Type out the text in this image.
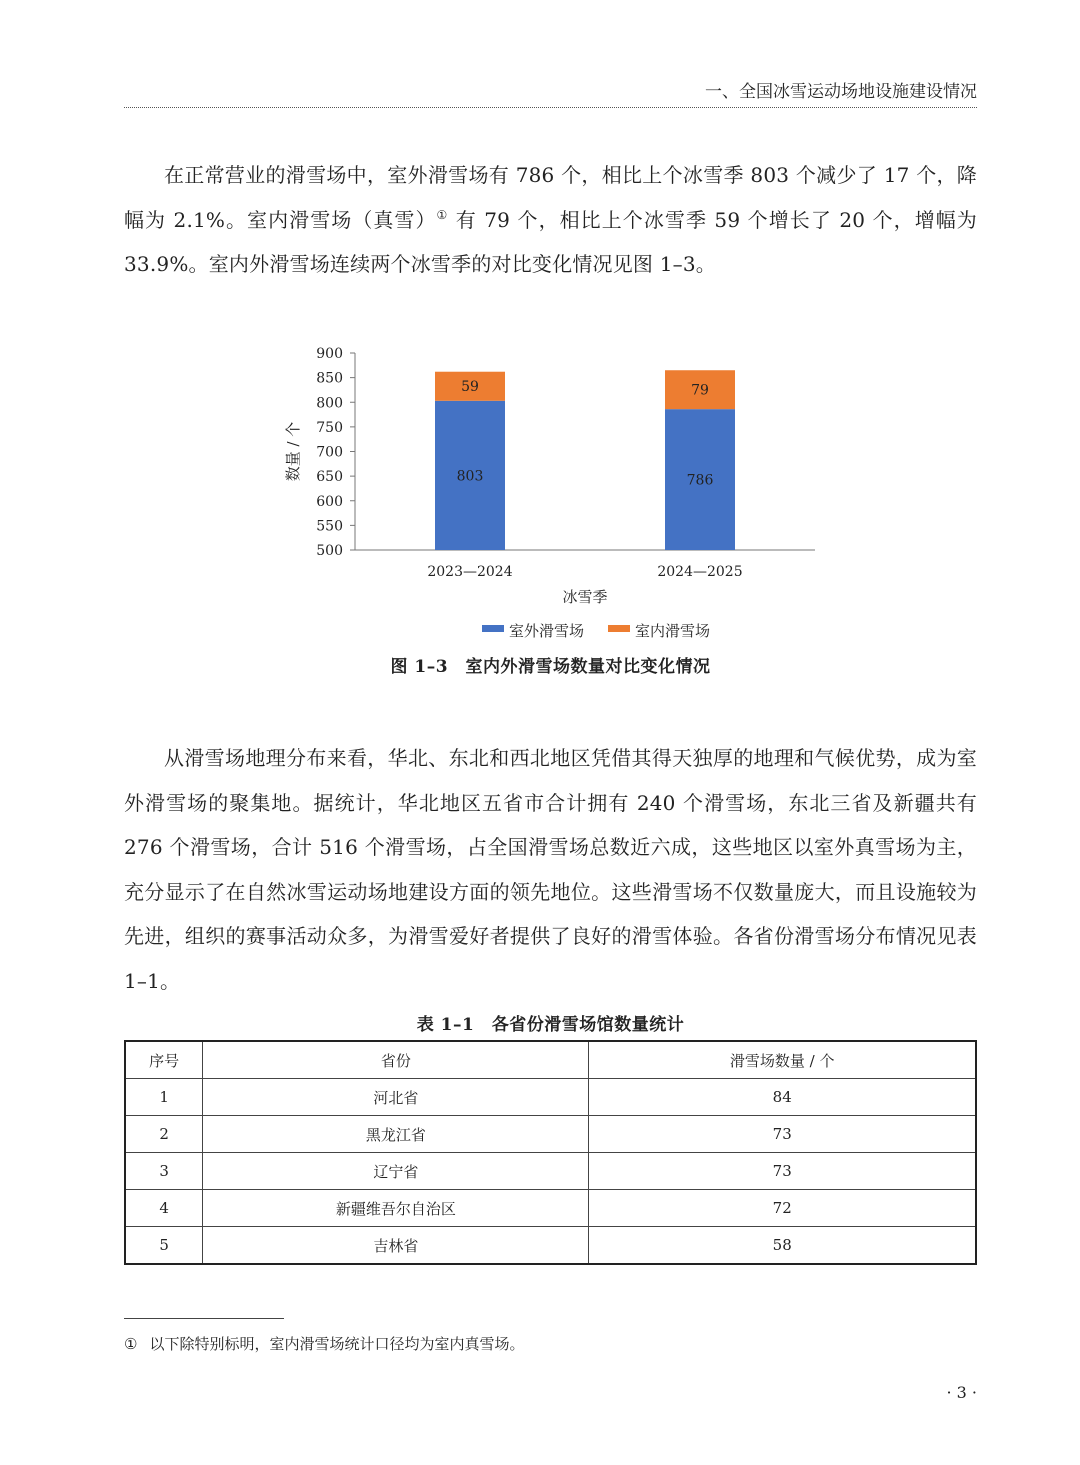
一、全国冰雪运动场地设施建设情况

在正常营业的滑雪场中，室外滑雪场有 786 个，相比上个冰雪季 803 个减少了 17 个，降幅为 2.1%。室内滑雪场（真雪）① 有 79 个，相比上个冰雪季 59 个增长了 20 个，增幅为 33.9%。室内外滑雪场连续两个冰雪季的对比变化情况见图 1–3。

500
550
600
650
700
750
800
850
900
803
59
2023—2024
786
79
2024—2025
数量 / 个
冰雪季
室外滑雪场	室内滑雪场
图 1–3　室内外滑雪场数量对比变化情况

从滑雪场地理分布来看，华北、东北和西北地区凭借其得天独厚的地理和气候优势，成为室外滑雪场的聚集地。据统计，华北地区五省市合计拥有 240 个滑雪场，东北三省及新疆共有 276 个滑雪场，合计 516 个滑雪场，占全国滑雪场总数近六成，这些地区以室外真雪场为主，充分显示了在自然冰雪运动场地建设方面的领先地位。这些滑雪场不仅数量庞大，而且设施较为先进，组织的赛事活动众多，为滑雪爱好者提供了良好的滑雪体验。各省份滑雪场分布情况见表 1–1。

表 1–1　各省份滑雪场馆数量统计
序号	省份	滑雪场数量 / 个
1	河北省	84
2	黑龙江省	73
3	辽宁省	73
4	新疆维吾尔自治区	72
5	吉林省	58
① 以下除特别标明，室内滑雪场统计口径均为室内真雪场。
· 3 ·
